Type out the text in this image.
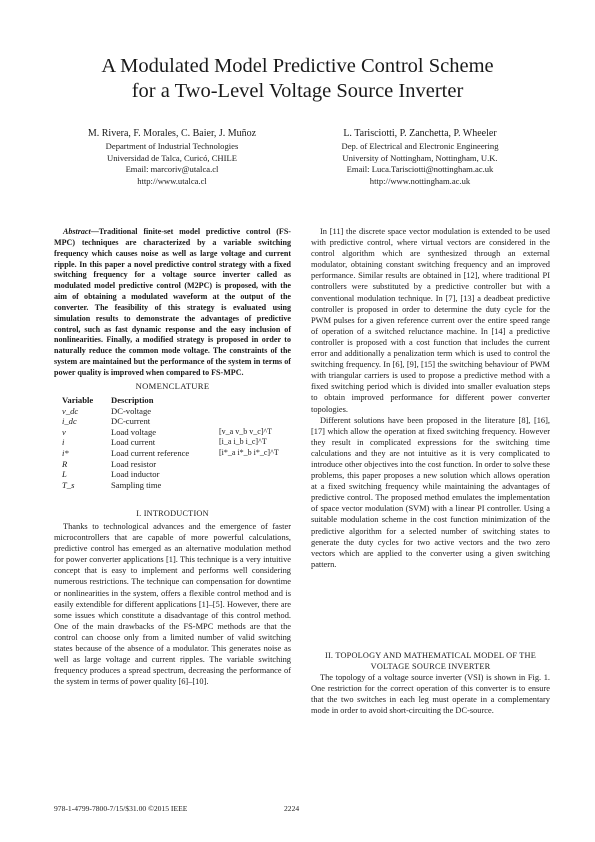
A Modulated Model Predictive Control Scheme
for a Two-Level Voltage Source Inverter
M. Rivera, F. Morales, C. Baier, J. Muñoz
Department of Industrial Technologies
Universidad de Talca, Curicó, CHILE
Email: marcoriv@utalca.cl
http://www.utalca.cl
L. Tarisciotti, P. Zanchetta, P. Wheeler
Dep. of Electrical and Electronic Engineering
University of Nottingham, Nottingham, U.K.
Email: Luca.Tarisciotti@nottingham.ac.uk
http://www.nottingham.ac.uk

Abstract—Traditional finite-set model predictive control (FS-MPC) techniques are characterized by a variable switching frequency which causes noise as well as large voltage and current ripple. In this paper a novel predictive control strategy with a fixed switching frequency for a voltage source inverter called as modulated model predictive control (M2PC) is proposed, with the aim of obtaining a modulated waveform at the output of the converter. The feasibility of this strategy is evaluated using simulation results to demonstrate the advantages of predictive control, such as fast dynamic response and the easy inclusion of nonlinearities. Finally, a modified strategy is proposed in order to naturally reduce the common mode voltage. The constraints of the system are maintained but the performance of the system in terms of power quality is improved when compared to FS-MPC.

NOMENCLATURE
Variable	Description	
v_dc	DC-voltage	
i_dc	DC-current	
v	Load voltage	[v_a v_b v_c]^T
i	Load current	[i_a i_b i_c]^T
i*	Load current reference	[i*_a i*_b i*_c]^T
R	Load resistor	
L	Load inductor	
T_s	Sampling time	
I. INTRODUCTION

Thanks to technological advances and the emergence of faster microcontrollers that are capable of more powerful calculations, predictive control has emerged as an alternative modulation method for power converter applications [1]. This technique is a very intuitive concept that is easy to implement and performs well considering numerous restrictions. The technique can compensation for downtime or nonlinearities in the system, offers a flexible control method and is easily extendible for different applications [1]–[5]. However, there are some issues which constitute a disadvantage of this control method. One of the main drawbacks of the FS-MPC methods are that the control can choose only from a limited number of valid switching states because of the absence of a modulator. This generates noise as well as large voltage and current ripples. The variable switching frequency produces a spread spectrum, decreasing the performance of the system in terms of power quality [6]–[10].

In [11] the discrete space vector modulation is extended to be used with predictive control, where virtual vectors are considered in the control algorithm which are synthesized through an external modulator, obtaining constant switching frequency and an improved performance. Similar results are obtained in [12], where traditional PI controllers were substituted by a predictive controller but with a conventional modulation technique. In [7], [13] a deadbeat predictive controller is proposed in order to determine the duty cycle for the PWM pulses for a given reference current over the entire speed range of operation of a switched reluctance machine. In [14] a predictive controller is proposed with a cost function that includes the current error and additionally a penalization term which is used to control the switching frequency. In [6], [9], [15] the switching behaviour of PWM with triangular carriers is used to propose a predictive method with a fixed switching period which is divided into smaller evaluation steps to obtain improved performance for different power converter topologies.

Different solutions have been proposed in the literature [8], [16], [17] which allow the operation at fixed switching frequency. However they result in complicated expressions for the switching time calculations and they are not intuitive as it is very complicated to introduce other objectives into the cost function. In order to solve these problems, this paper proposes a new solution which allows operation at a fixed switching frequency while maintaining the advantages of predictive control. The proposed method emulates the implementation of space vector modulation (SVM) with a linear PI controller. Using a suitable modulation scheme in the cost function minimization of the predictive algorithm for a selected number of switching states to generate the duty cycles for two active vectors and the two zero vectors which are applied to the converter using a given switching pattern.

II. TOPOLOGY AND MATHEMATICAL MODEL OF THE
VOLTAGE SOURCE INVERTER

The topology of a voltage source inverter (VSI) is shown in Fig. 1. One restriction for the correct operation of this converter is to ensure that the two switches in each leg must operate in a complementary mode in order to avoid short-circuiting the DC-source.

978-1-4799-7800-7/15/$31.00 ©2015 IEEE	2224
